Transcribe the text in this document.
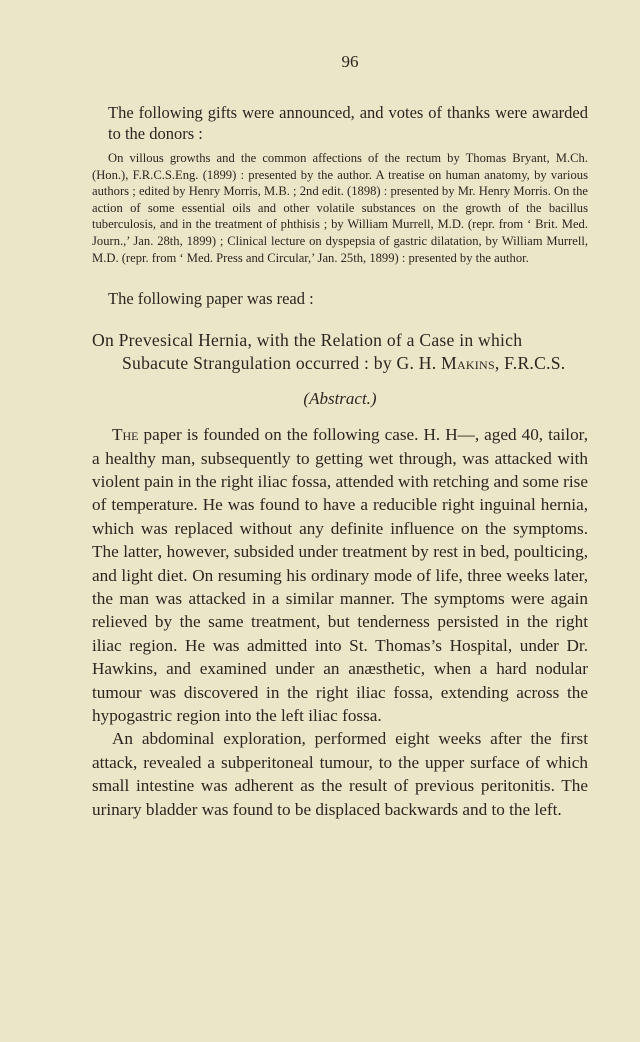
96

The following gifts were announced, and votes of thanks were awarded to the donors :

On villous growths and the common affections of the rectum by Thomas Bryant, M.Ch. (Hon.), F.R.C.S.Eng. (1899) : presented by the author. A treatise on human anatomy, by various authors ; edited by Henry Morris, M.B. ; 2nd edit. (1898) : presented by Mr. Henry Morris. On the action of some essential oils and other volatile substances on the growth of the bacillus tuberculosis, and in the treatment of phthisis ; by William Murrell, M.D. (repr. from ‘ Brit. Med. Journ.,’ Jan. 28th, 1899) ; Clinical lecture on dyspepsia of gastric dilatation, by William Murrell, M.D. (repr. from ‘ Med. Press and Circular,’ Jan. 25th, 1899) : presented by the author.

The following paper was read :

On Prevesical Hernia, with the Relation of a Case in which Subacute Strangulation occurred : by G. H. Makins, F.R.C.S.
(Abstract.)

The paper is founded on the following case. H. H—, aged 40, tailor, a healthy man, subsequently to getting wet through, was attacked with violent pain in the right iliac fossa, attended with retching and some rise of temperature. He was found to have a reducible right inguinal hernia, which was replaced without any definite influence on the symptoms. The latter, however, subsided under treatment by rest in bed, poulticing, and light diet. On resuming his ordinary mode of life, three weeks later, the man was attacked in a similar manner. The symptoms were again relieved by the same treatment, but tenderness persisted in the right iliac region. He was admitted into St. Thomas’s Hospital, under Dr. Hawkins, and examined under an anæsthetic, when a hard nodular tumour was discovered in the right iliac fossa, extending across the hypogastric region into the left iliac fossa.

An abdominal exploration, performed eight weeks after the first attack, revealed a subperitoneal tumour, to the upper surface of which small intestine was adherent as the result of previous peritonitis. The urinary bladder was found to be displaced backwards and to the left.
